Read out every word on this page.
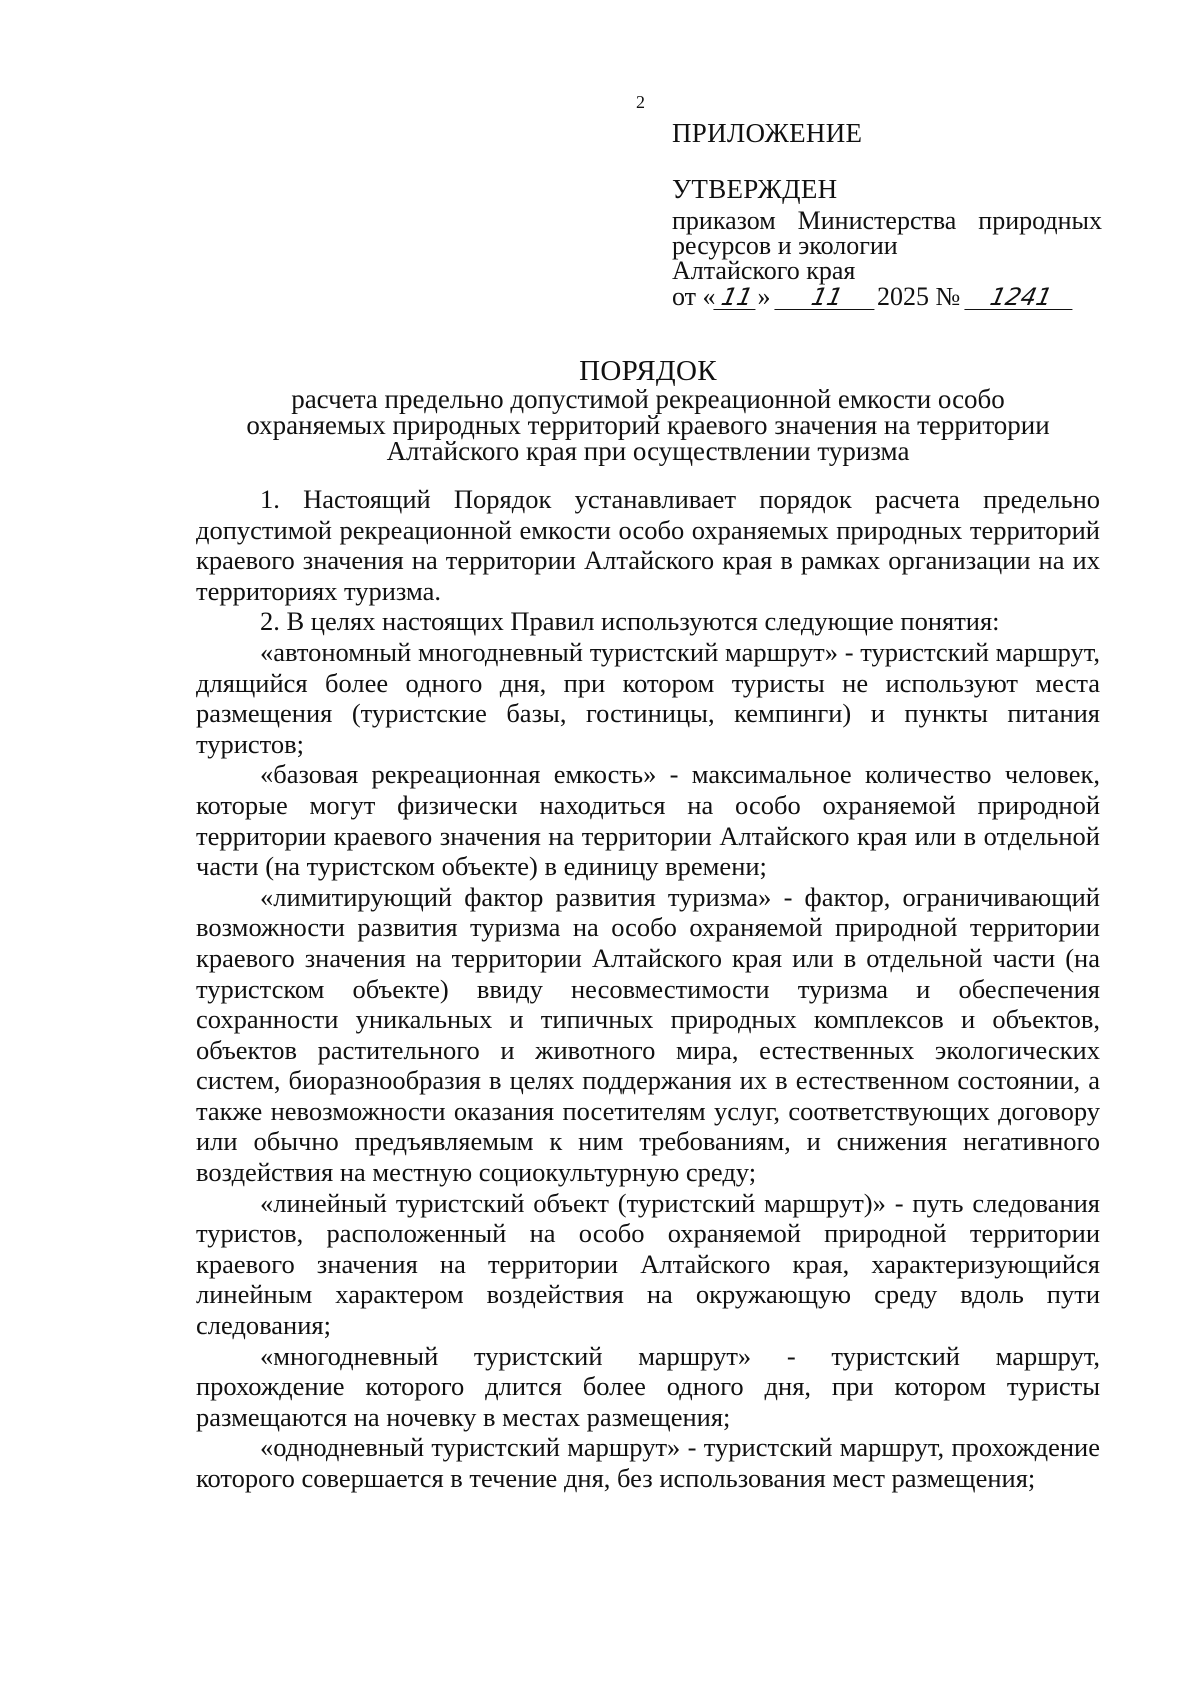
2
ПРИЛОЖЕНИЕ
УТВЕРЖДЕН
приказом Министерства природных
ресурсов и экологии
Алтайского края
от « 11 » 11 2025 № 1241
ПОРЯДОК
расчета предельно допустимой рекреационной емкости особо
охраняемых природных территорий краевого значения на территории
Алтайского края при осуществлении туризма

1. Настоящий Порядок устанавливает порядок расчета предельно допустимой рекреационной емкости особо охраняемых природных территорий краевого значения на территории Алтайского края в рамках организации на их территориях туризма.

2. В целях настоящих Правил используются следующие понятия:

«автономный многодневный туристский маршрут» - туристский маршрут, длящийся более одного дня, при котором туристы не используют места размещения (туристские базы, гостиницы, кемпинги) и пункты питания туристов;

«базовая рекреационная емкость» - максимальное количество человек, которые могут физически находиться на особо охраняемой природной территории краевого значения на территории Алтайского края или в отдельной части (на туристском объекте) в единицу времени;

«лимитирующий фактор развития туризма» - фактор, ограничивающий возможности развития туризма на особо охраняемой природной территории краевого значения на территории Алтайского края или в отдельной части (на туристском объекте) ввиду несовместимости туризма и обеспечения сохранности уникальных и типичных природных комплексов и объектов, объектов растительного и животного мира, естественных экологических систем, биоразнообразия в целях поддержания их в естественном состоянии, а также невозможности оказания посетителям услуг, соответствующих договору или обычно предъявляемым к ним требованиям, и снижения негативного воздействия на местную социокультурную среду;

«линейный туристский объект (туристский маршрут)» - путь следования туристов, расположенный на особо охраняемой природной территории краевого значения на территории Алтайского края, характеризующийся линейным характером воздействия на окружающую среду вдоль пути следования;

«многодневный туристский маршрут» - туристский маршрут, прохождение которого длится более одного дня, при котором туристы размещаются на ночевку в местах размещения;

«однодневный туристский маршрут» - туристский маршрут, прохождение которого совершается в течение дня, без использования мест размещения;
